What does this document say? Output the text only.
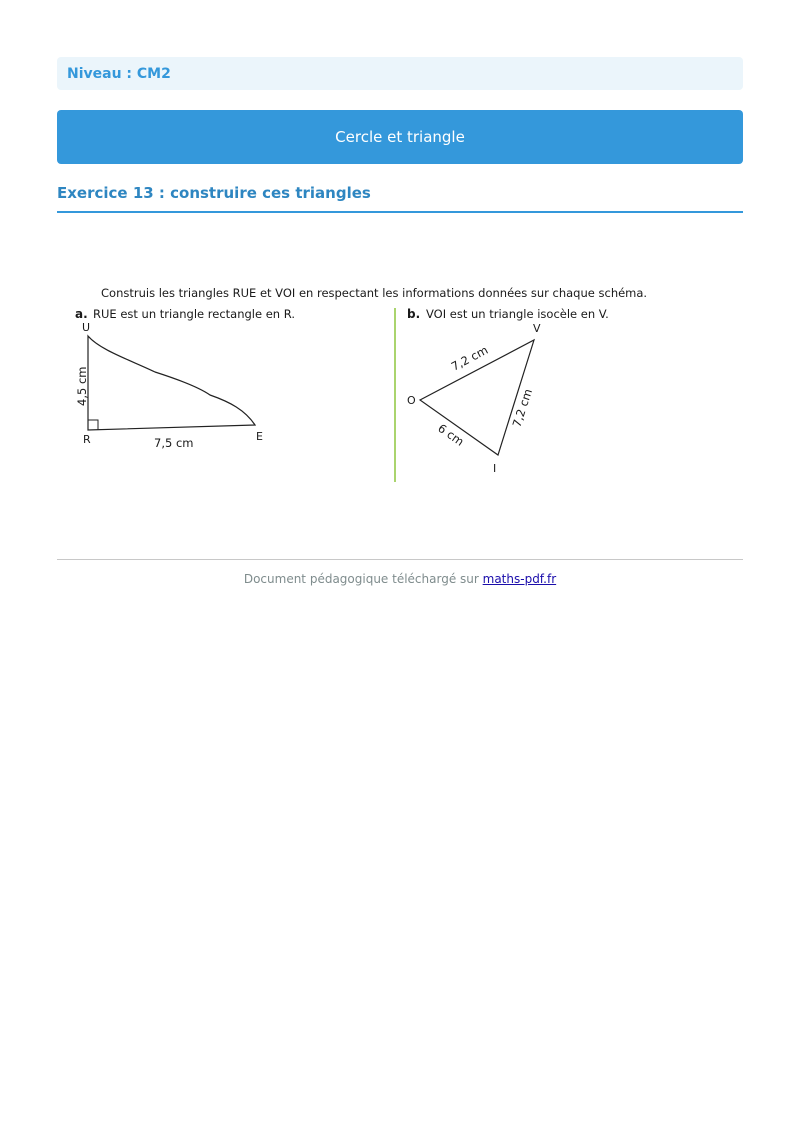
Niveau : CM2
Cercle et triangle
Exercice 13 : construire ces triangles
Construis les triangles RUE et VOI en respectant les informations données sur chaque schéma.
a. RUE est un triangle rectangle en R.
U
R	E
4,5 cm
7,5 cm
b. VOI est un triangle isocèle en V.
V
O
I
7,2 cm
7,2 cm
6 cm
Document pédagogique téléchargé sur maths-pdf.fr
